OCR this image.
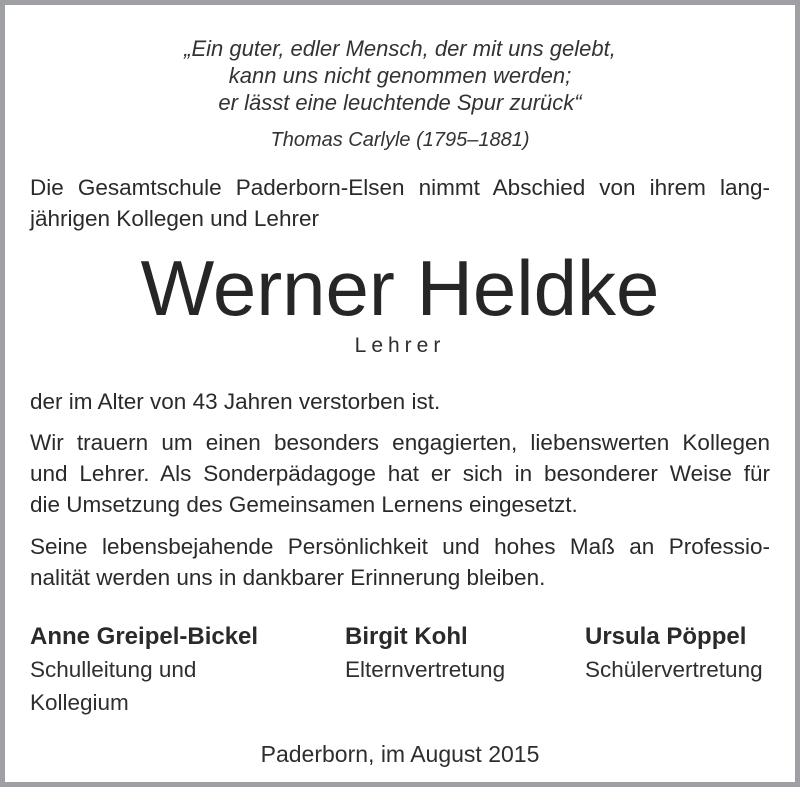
„Ein guter, edler Mensch, der mit uns gelebt,
kann uns nicht genommen werden;
er lässt eine leuchtende Spur zurück“
Thomas Carlyle (1795–1881)
Die Gesamtschule Paderborn-Elsen nimmt Abschied von ihrem lang-
jährigen Kollegen und Lehrer
Werner Heldke
Lehrer
der im Alter von 43 Jahren verstorben ist.
Wir trauern um einen besonders engagierten, liebenswerten Kollegen
und Lehrer. Als Sonderpädagoge hat er sich in besonderer Weise für
die Umsetzung des Gemeinsamen Lernens eingesetzt.
Seine lebensbejahende Persönlichkeit und hohes Maß an Professio-
nalität werden uns in dankbarer Erinnerung bleiben.
Anne Greipel-Bickel
Schulleitung und
Kollegium
Birgit Kohl
Elternvertretung
Ursula Pöppel
Schülervertretung
Paderborn, im August 2015
